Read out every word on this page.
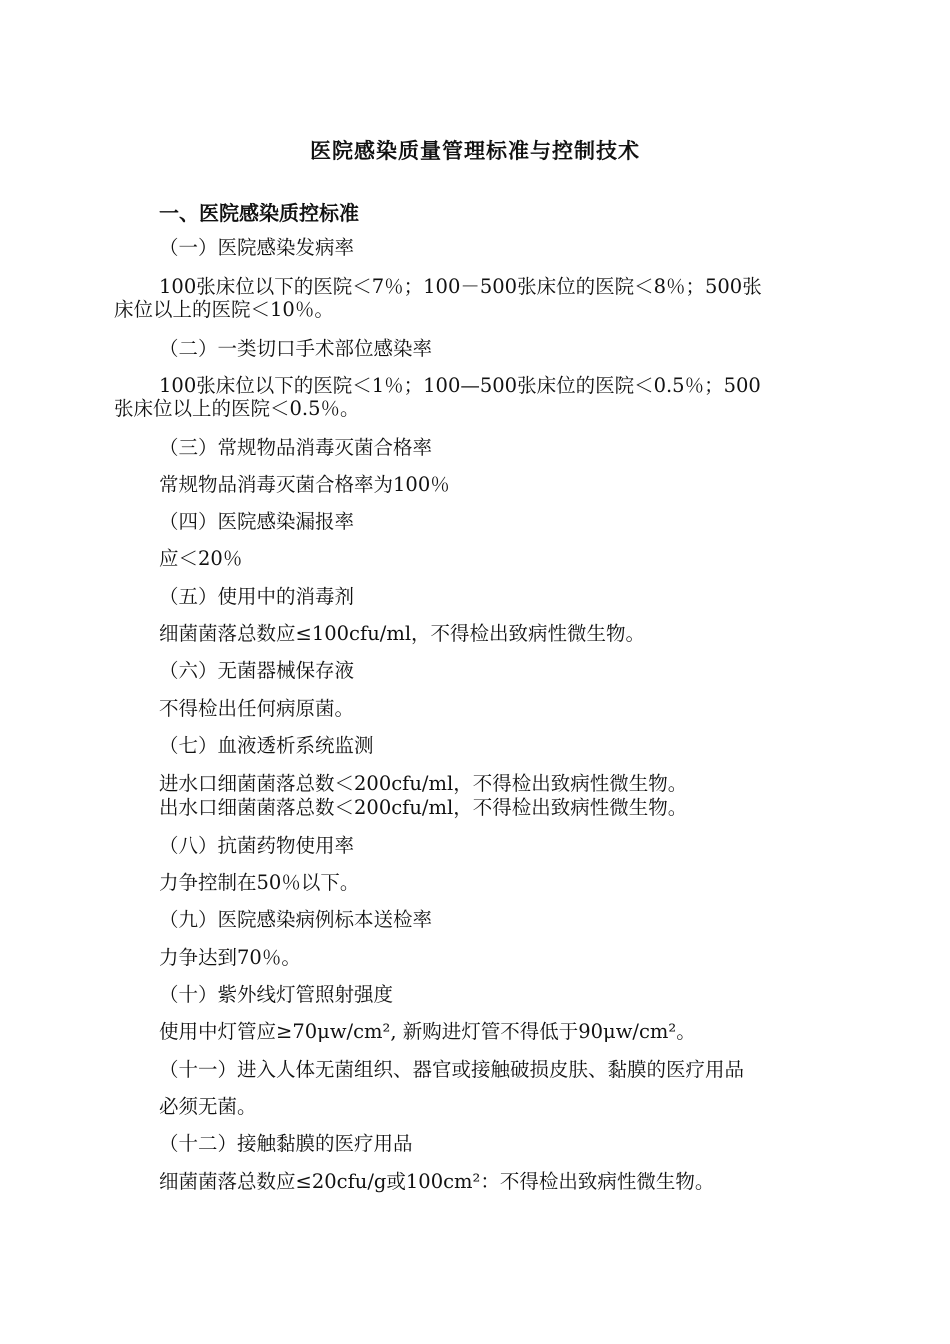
医院感染质量管理标准与控制技术
一、医院感染质控标准
（一）医院感染发病率
100张床位以下的医院＜7％；100－500张床位的医院＜8％；500张
床位以上的医院＜10％。
（二）一类切口手术部位感染率
100张床位以下的医院＜1％；100—500张床位的医院＜0.5％；500
张床位以上的医院＜0.5％。
（三）常规物品消毒灭菌合格率
常规物品消毒灭菌合格率为100％
（四）医院感染漏报率
应＜20％
（五）使用中的消毒剂
细菌菌落总数应≤100cfu/ml，不得检出致病性微生物。
（六）无菌器械保存液
不得检出任何病原菌。
（七）血液透析系统监测
进水口细菌菌落总数＜200cfu/ml，不得检出致病性微生物。
出水口细菌菌落总数＜200cfu/ml，不得检出致病性微生物。
（八）抗菌药物使用率
力争控制在50％以下。
（九）医院感染病例标本送检率
力争达到70％。
（十）紫外线灯管照射强度
使用中灯管应≥70μw/cm², 新购进灯管不得低于90μw/cm²。
（十一）进入人体无菌组织、器官或接触破损皮肤、黏膜的医疗用品
必须无菌。
（十二）接触黏膜的医疗用品
细菌菌落总数应≤20cfu/g或100cm²：不得检出致病性微生物。
